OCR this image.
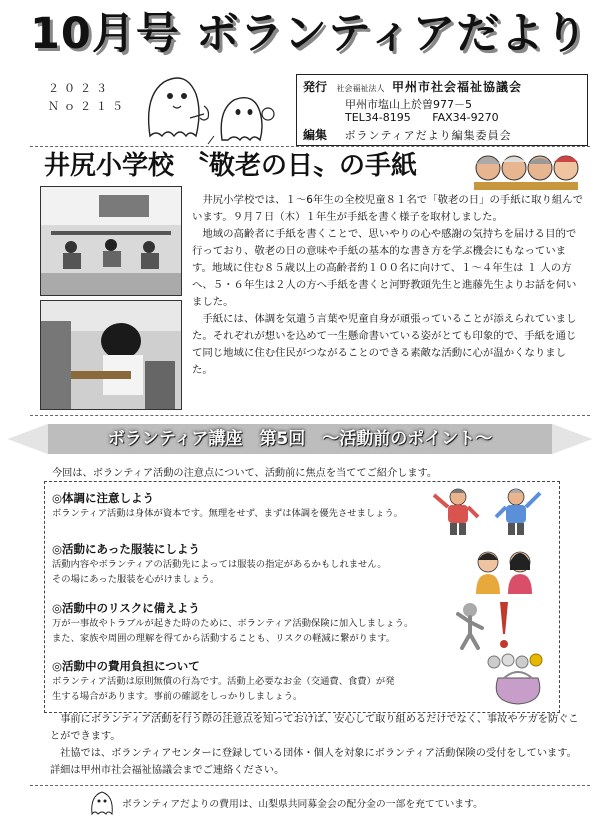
10月号 ボランティアだより
２０２３
Ｎｏ２１５
発行 社会福祉法人 甲州市社会福祉協議会
甲州市塩山上於曽977－5
TEL34-8195 FAX34-9270
編集 ボランティアだより編集委員会
井尻小学校 〝敬老の日〟の手紙

井尻小学校では、１～6年生の全校児童８１名で「敬老の日」の手紙に取り組んでいます。９月７日（木）１年生が手紙を書く様子を取材しました。

地域の高齢者に手紙を書くことで、思いやりの心や感謝の気持ちを届ける目的で行っており、敬老の日の意味や手紙の基本的な書き方を学ぶ機会にもなっています。地域に住む８５歳以上の高齢者約１００名に向けて、１～４年生は １ 人の方へ、５・６年生は２人の方へ手紙を書くと河野教頭先生と進藤先生よりお話を伺いました。

手紙には、体調を気遣う言葉や児童自身が頑張っていることが添えられていました。それぞれが想いを込めて一生懸命書いている姿がとても印象的で、手紙を通じて同じ地域に住む住民がつながることのできる素敵な活動に心が温かくなりました。

ボランティア講座　第5回　～活動前のポイント～
今回は、ボランティア活動の注意点について、活動前に焦点を当ててご紹介します。
◎体調に注意しよう
ボランティア活動は身体が資本です。無理をせず、まずは体調を優先させましょう。
◎活動にあった服装にしよう
活動内容やボランティアの活動先によっては服装の指定があるかもしれません。
その場にあった服装を心がけましょう。
◎活動中のリスクに備えよう
万が一事故やトラブルが起きた時のために、ボランティア活動保険に加入しましょう。
また、家族や周囲の理解を得てから活動することも、リスクの軽減に繋がります。
◎活動中の費用負担について
ボランティア活動は原則無償の行為です。活動上必要なお金（交通費、食費）が発
生する場合があります。事前の確認をしっかりしましょう。

事前にボランティア活動を行う際の注意点を知っておけば、安心して取り組めるだけでなく、事故やケガを防ぐことができます。

社協では、ボランティアセンターに登録している団体・個人を対象にボランティア活動保険の受付をしています。詳細は甲州市社会福祉協議会までご連絡ください。

ボランティアだよりの費用は、山梨県共同募金会の配分金の一部を充てています。
